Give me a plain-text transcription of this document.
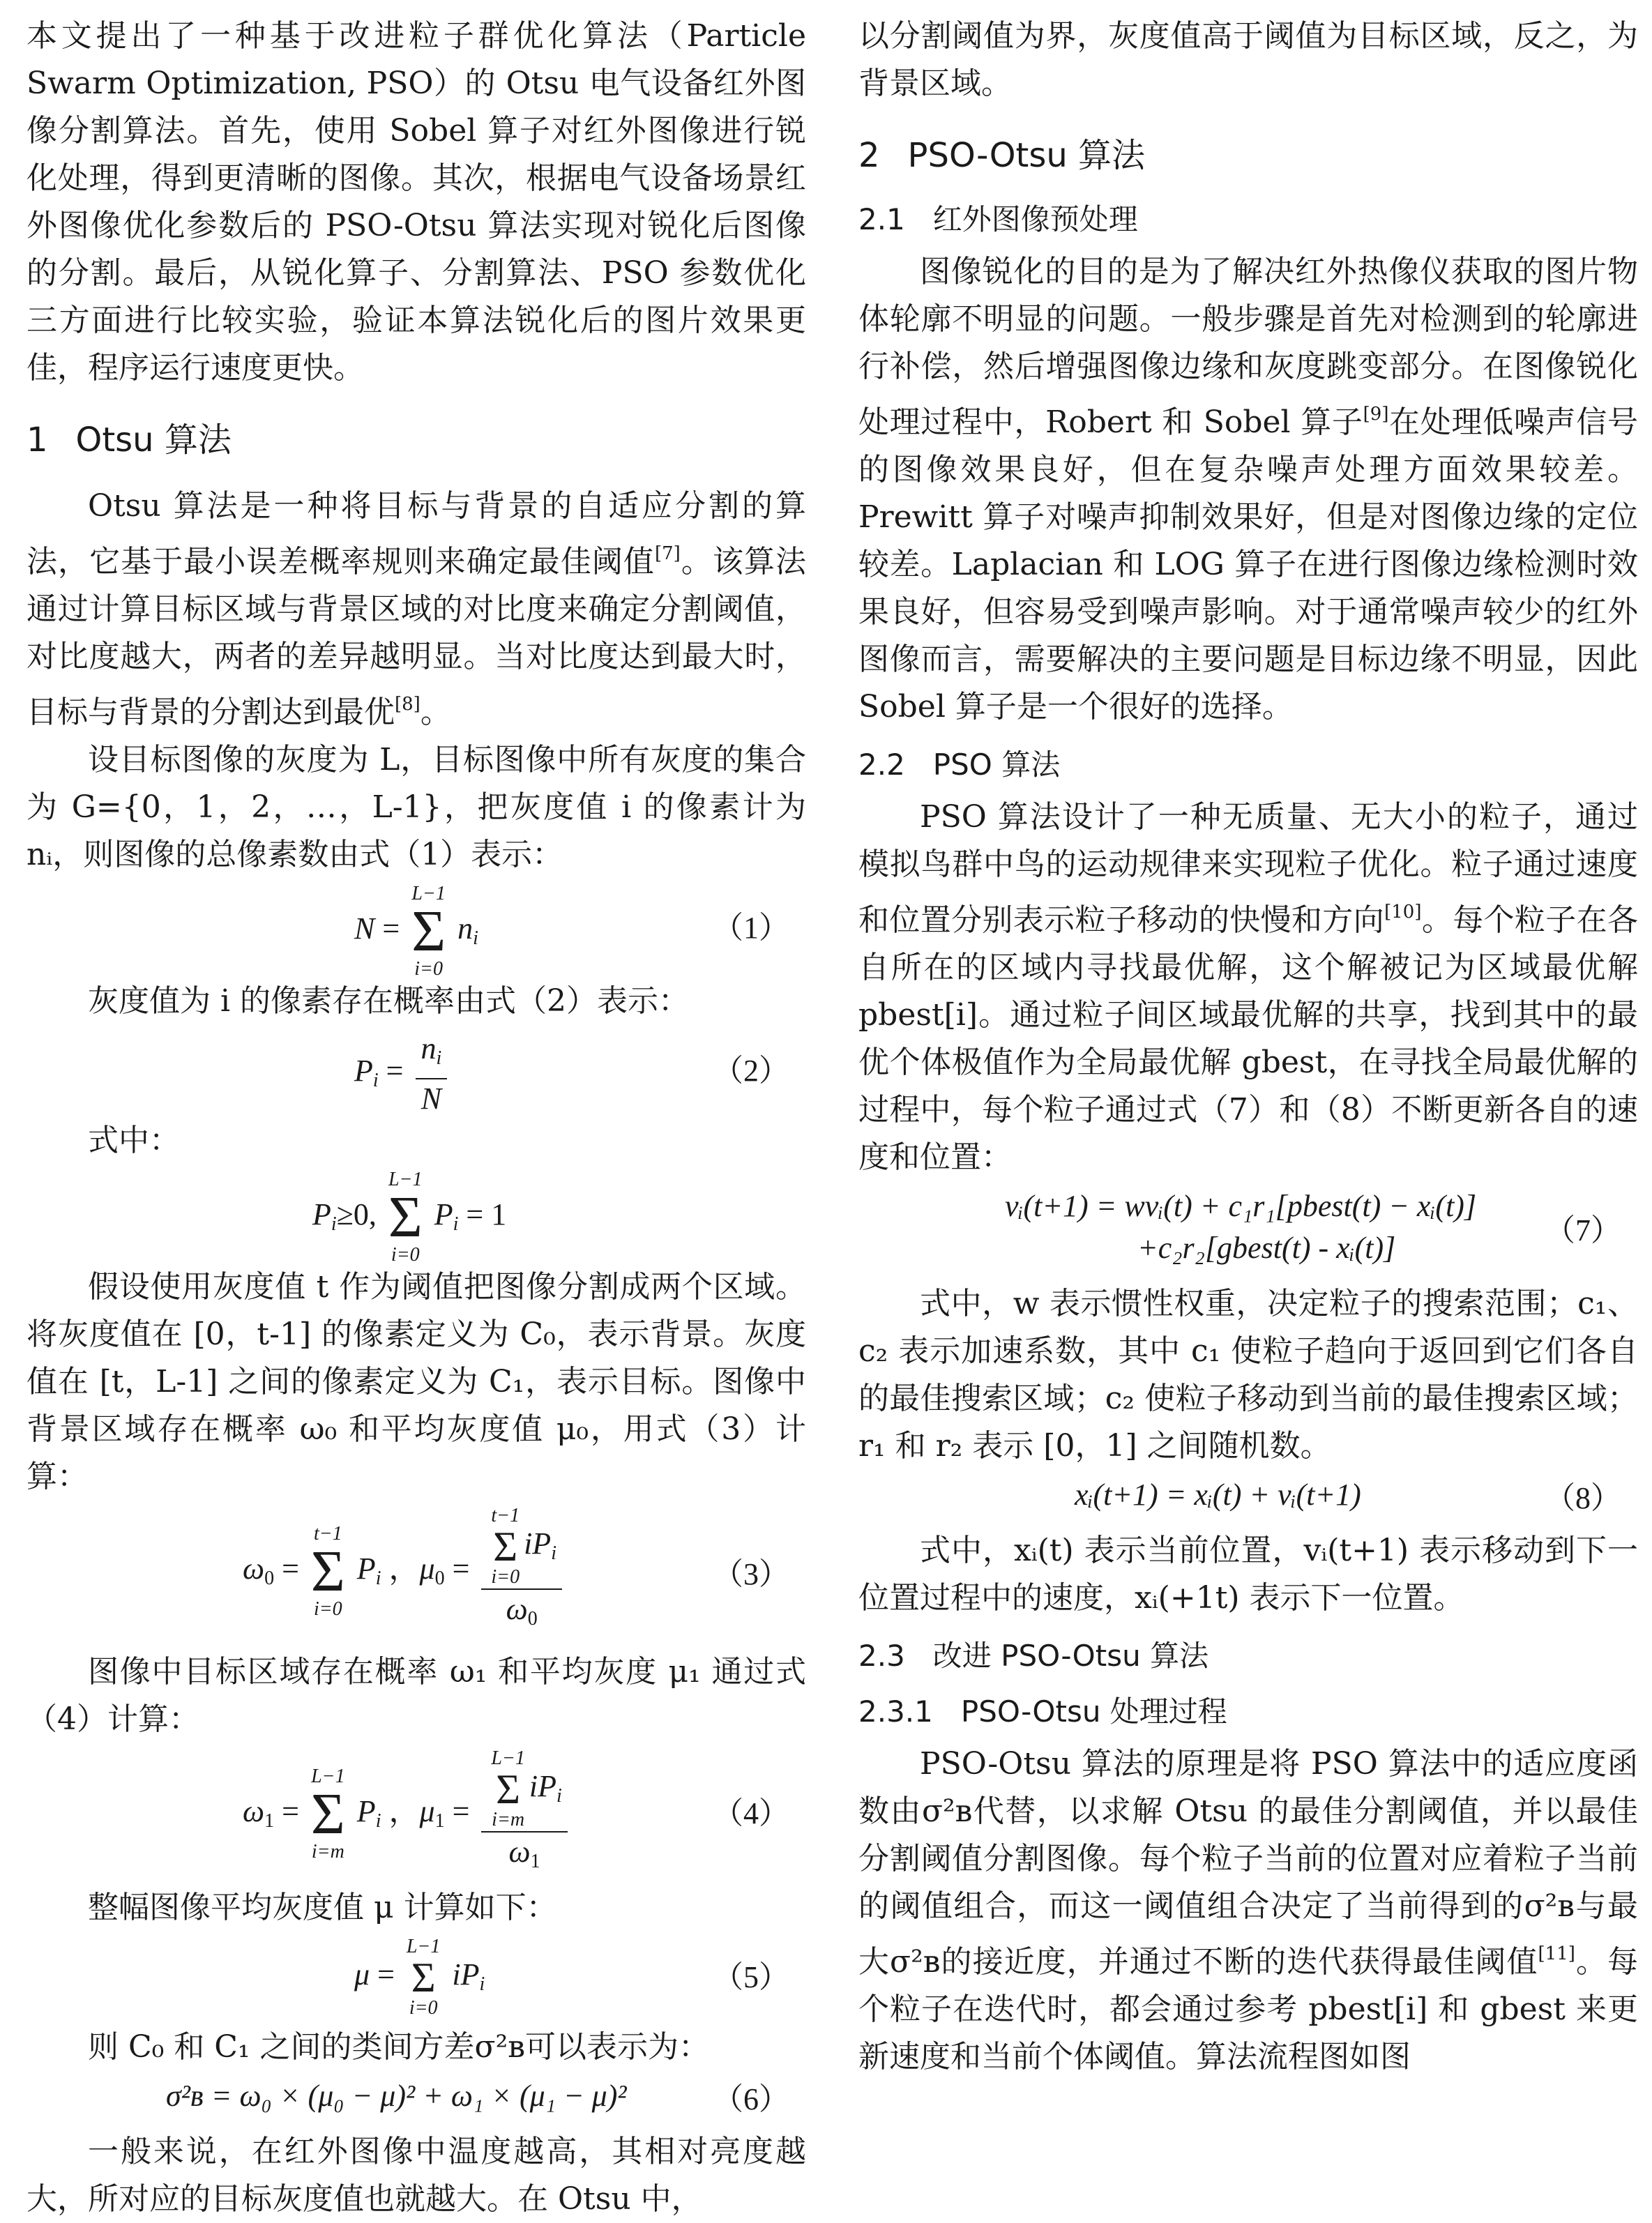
本文提出了一种基于改进粒子群优化算法（Particle Swarm Optimization, PSO）的 Otsu 电气设备红外图像分割算法。首先，使用 Sobel 算子对红外图像进行锐化处理，得到更清晰的图像。其次，根据电气设备场景红外图像优化参数后的 PSO-Otsu 算法实现对锐化后图像的分割。最后，从锐化算子、分割算法、PSO 参数优化三方面进行比较实验，验证本算法锐化后的图片效果更佳，程序运行速度更快。

1 Otsu 算法

Otsu 算法是一种将目标与背景的自适应分割的算法，它基于最小误差概率规则来确定最佳阈值[7]。该算法通过计算目标区域与背景区域的对比度来确定分割阈值，对比度越大，两者的差异越明显。当对比度达到最大时，目标与背景的分割达到最优[8]。

设目标图像的灰度为 L，目标图像中所有灰度的集合为 G={0，1，2，…，L-1}，把灰度值 i 的像素计为 nᵢ，则图像的总像素数由式（1）表示：

N =
L−1
Σ
i=0
$n_i$	（1）

灰度值为 i 的像素存在概率由式（2）表示：

$P_i = \frac{n_i}{N}$	（2）

式中：

$P_i\ge 0$,
L−1
Σ
i=0
$P_i = 1$

假设使用灰度值 t 作为阈值把图像分割成两个区域。将灰度值在 [0，t-1] 的像素定义为 C₀，表示背景。灰度值在 [t，L-1] 之间的像素定义为 C₁，表示目标。图像中背景区域存在概率 ω₀ 和平均灰度值 μ₀，用式（3）计算：

$\omega_0$ =
t−1
Σ
i=0
$P_i$ ，$\mu_0 = t-1$
Σ
i=0
$iP_i$
$\omega_0$	（3）

图像中目标区域存在概率 ω₁ 和平均灰度 μ₁ 通过式（4）计算：

$\omega_1$ =
L−1
Σ
i=m
$P_i$ ，$\mu_1 = L-1$
Σ
i=m
$iP_i$
$\omega_1$	（4）

整幅图像平均灰度值 μ 计算如下：

μ =
L−1
Σ
i=0
$iP_i$	（5）

则 C₀ 和 C₁ 之间的类间方差σ²ʙ可以表示为：

σ²ʙ = ω₀ × (μ₀ − μ)² + ω₁ × (μ₁ − μ)²	（6）

一般来说，在红外图像中温度越高，其相对亮度越大，所对应的目标灰度值也就越大。在 Otsu 中，

以分割阈值为界，灰度值高于阈值为目标区域，反之，为背景区域。

2 PSO-Otsu 算法
2.1 红外图像预处理

图像锐化的目的是为了解决红外热像仪获取的图片物体轮廓不明显的问题。一般步骤是首先对检测到的轮廓进行补偿，然后增强图像边缘和灰度跳变部分。在图像锐化处理过程中，Robert 和 Sobel 算子[9]在处理低噪声信号的图像效果良好，但在复杂噪声处理方面效果较差。Prewitt 算子对噪声抑制效果好，但是对图像边缘的定位较差。Laplacian 和 LOG 算子在进行图像边缘检测时效果良好，但容易受到噪声影响。对于通常噪声较少的红外图像而言，需要解决的主要问题是目标边缘不明显，因此 Sobel 算子是一个很好的选择。

2.2 PSO 算法

PSO 算法设计了一种无质量、无大小的粒子，通过模拟鸟群中鸟的运动规律来实现粒子优化。粒子通过速度和位置分别表示粒子移动的快慢和方向[10]。每个粒子在各自所在的区域内寻找最优解，这个解被记为区域最优解 pbest[i]。通过粒子间区域最优解的共享，找到其中的最优个体极值作为全局最优解 gbest，在寻找全局最优解的过程中，每个粒子通过式（7）和（8）不断更新各自的速度和位置：

vᵢ(t+1) = wvᵢ(t) + c₁r₁[pbest(t) − xᵢ(t)]
+c₂r₂[gbest(t) - xᵢ(t)]
（7）

式中，w 表示惯性权重，决定粒子的搜索范围；c₁、c₂ 表示加速系数，其中 c₁ 使粒子趋向于返回到它们各自的最佳搜索区域；c₂ 使粒子移动到当前的最佳搜索区域；r₁ 和 r₂ 表示 [0，1] 之间随机数。

xᵢ(t+1) = xᵢ(t) + vᵢ(t+1)	（8）

式中，xᵢ(t) 表示当前位置，vᵢ(t+1) 表示移动到下一位置过程中的速度，xᵢ(+1t) 表示下一位置。

2.3 改进 PSO-Otsu 算法
2.3.1 PSO-Otsu 处理过程

PSO-Otsu 算法的原理是将 PSO 算法中的适应度函数由σ²ʙ代替，以求解 Otsu 的最佳分割阈值，并以最佳分割阈值分割图像。每个粒子当前的位置对应着粒子当前的阈值组合，而这一阈值组合决定了当前得到的σ²ʙ与最大σ²ʙ的接近度，并通过不断的迭代获得最佳阈值[11]。每个粒子在迭代时，都会通过参考 pbest[i] 和 gbest 来更新速度和当前个体阈值。算法流程图如图
